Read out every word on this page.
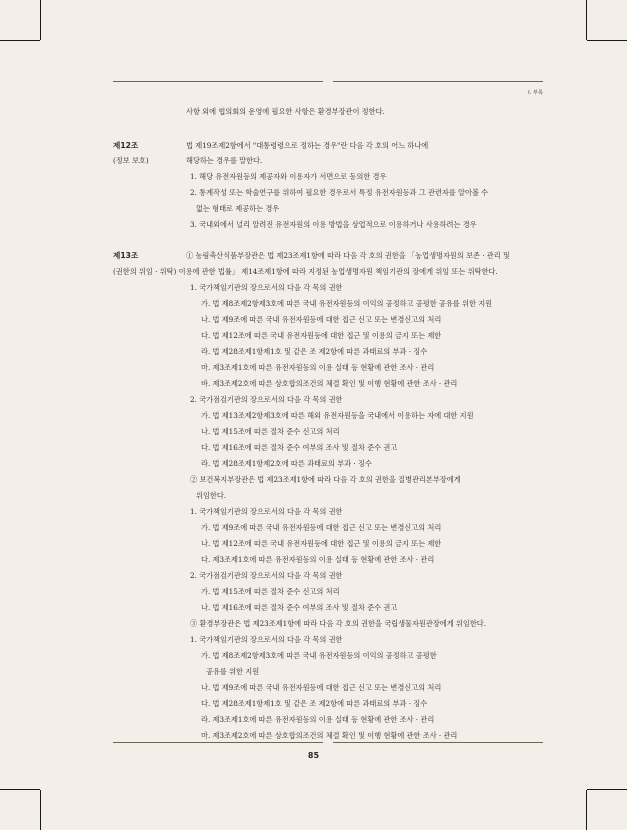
Ⅰ. 부록
사항 외에 협의회의 운영에 필요한 사항은 환경부장관이 정한다.
제12조
(정보 보호)
법 제19조제2항에서 "대통령령으로 정하는 경우"란 다음 각 호의 어느 하나에
해당하는 경우를 말한다.
1. 해당 유전자원등의 제공자와 이용자가 서면으로 동의한 경우
2. 통계작성 또는 학술연구를 위하여 필요한 경우로서 특정 유전자원등과 그 관련자를 알아볼 수
없는 형태로 제공하는 경우
3. 국내외에서 널리 알려진 유전자원의 이용 방법을 상업적으로 이용하거나 사용하려는 경우
제13조	① 농림축산식품부장관은 법 제23조제1항에 따라 다음 각 호의 권한을 「농업생명자원의 보존 · 관리 및
(권한의 위임 · 위탁) 이용에 관한 법률」 제14조제1항에 따라 지정된 농업생명자원 책임기관의 장에게 위임 또는 위탁한다.
1. 국가책임기관의 장으로서의 다음 각 목의 권한
가. 법 제8조제2항제3호에 따른 국내 유전자원등의 이익의 공정하고 공평한 공유를 위한 지원
나. 법 제9조에 따른 국내 유전자원등에 대한 접근 신고 또는 변경신고의 처리
다. 법 제12조에 따른 국내 유전자원등에 대한 접근 및 이용의 금지 또는 제한
라. 법 제28조제1항제1호 및 같은 조 제2항에 따른 과태료의 부과 · 징수
마. 제3조제1호에 따른 유전자원등의 이용 실태 등 현황에 관한 조사 · 관리
바. 제3조제2호에 따른 상호합의조건의 체결 확인 및 이행 현황에 관한 조사 · 관리
2. 국가점검기관의 장으로서의 다음 각 목의 권한
가. 법 제13조제2항제3호에 따른 해외 유전자원등을 국내에서 이용하는 자에 대한 지원
나. 법 제15조에 따른 절차 준수 신고의 처리
다. 법 제16조에 따른 절차 준수 여부의 조사 및 절차 준수 권고
라. 법 제28조제1항제2호에 따른 과태료의 부과 · 징수
② 보건복지부장관은 법 제23조제1항에 따라 다음 각 호의 권한을 질병관리본부장에게
위임한다.
1. 국가책임기관의 장으로서의 다음 각 목의 권한
가. 법 제9조에 따른 국내 유전자원등에 대한 접근 신고 또는 변경신고의 처리
나. 법 제12조에 따른 국내 유전자원등에 대한 접근 및 이용의 금지 또는 제한
다. 제3조제1호에 따른 유전자원등의 이용 실태 등 현황에 관한 조사 · 관리
2. 국가점검기관의 장으로서의 다음 각 목의 권한
가. 법 제15조에 따른 절차 준수 신고의 처리
나. 법 제16조에 따른 절차 준수 여부의 조사 및 절차 준수 권고
③ 환경부장관은 법 제23조제1항에 따라 다음 각 호의 권한을 국립생물자원관장에게 위임한다.
1. 국가책임기관의 장으로서의 다음 각 목의 권한
가. 법 제8조제2항제3호에 따른 국내 유전자원등의 이익의 공정하고 공평한
공유를 위한 지원
나. 법 제9조에 따른 국내 유전자원등에 대한 접근 신고 또는 변경신고의 처리
다. 법 제28조제1항제1호 및 같은 조 제2항에 따른 과태료의 부과 · 징수
라. 제3조제1호에 따른 유전자원등의 이용 실태 등 현황에 관한 조사 · 관리
마. 제3조제2호에 따른 상호합의조건의 체결 확인 및 이행 현황에 관한 조사 · 관리
85
